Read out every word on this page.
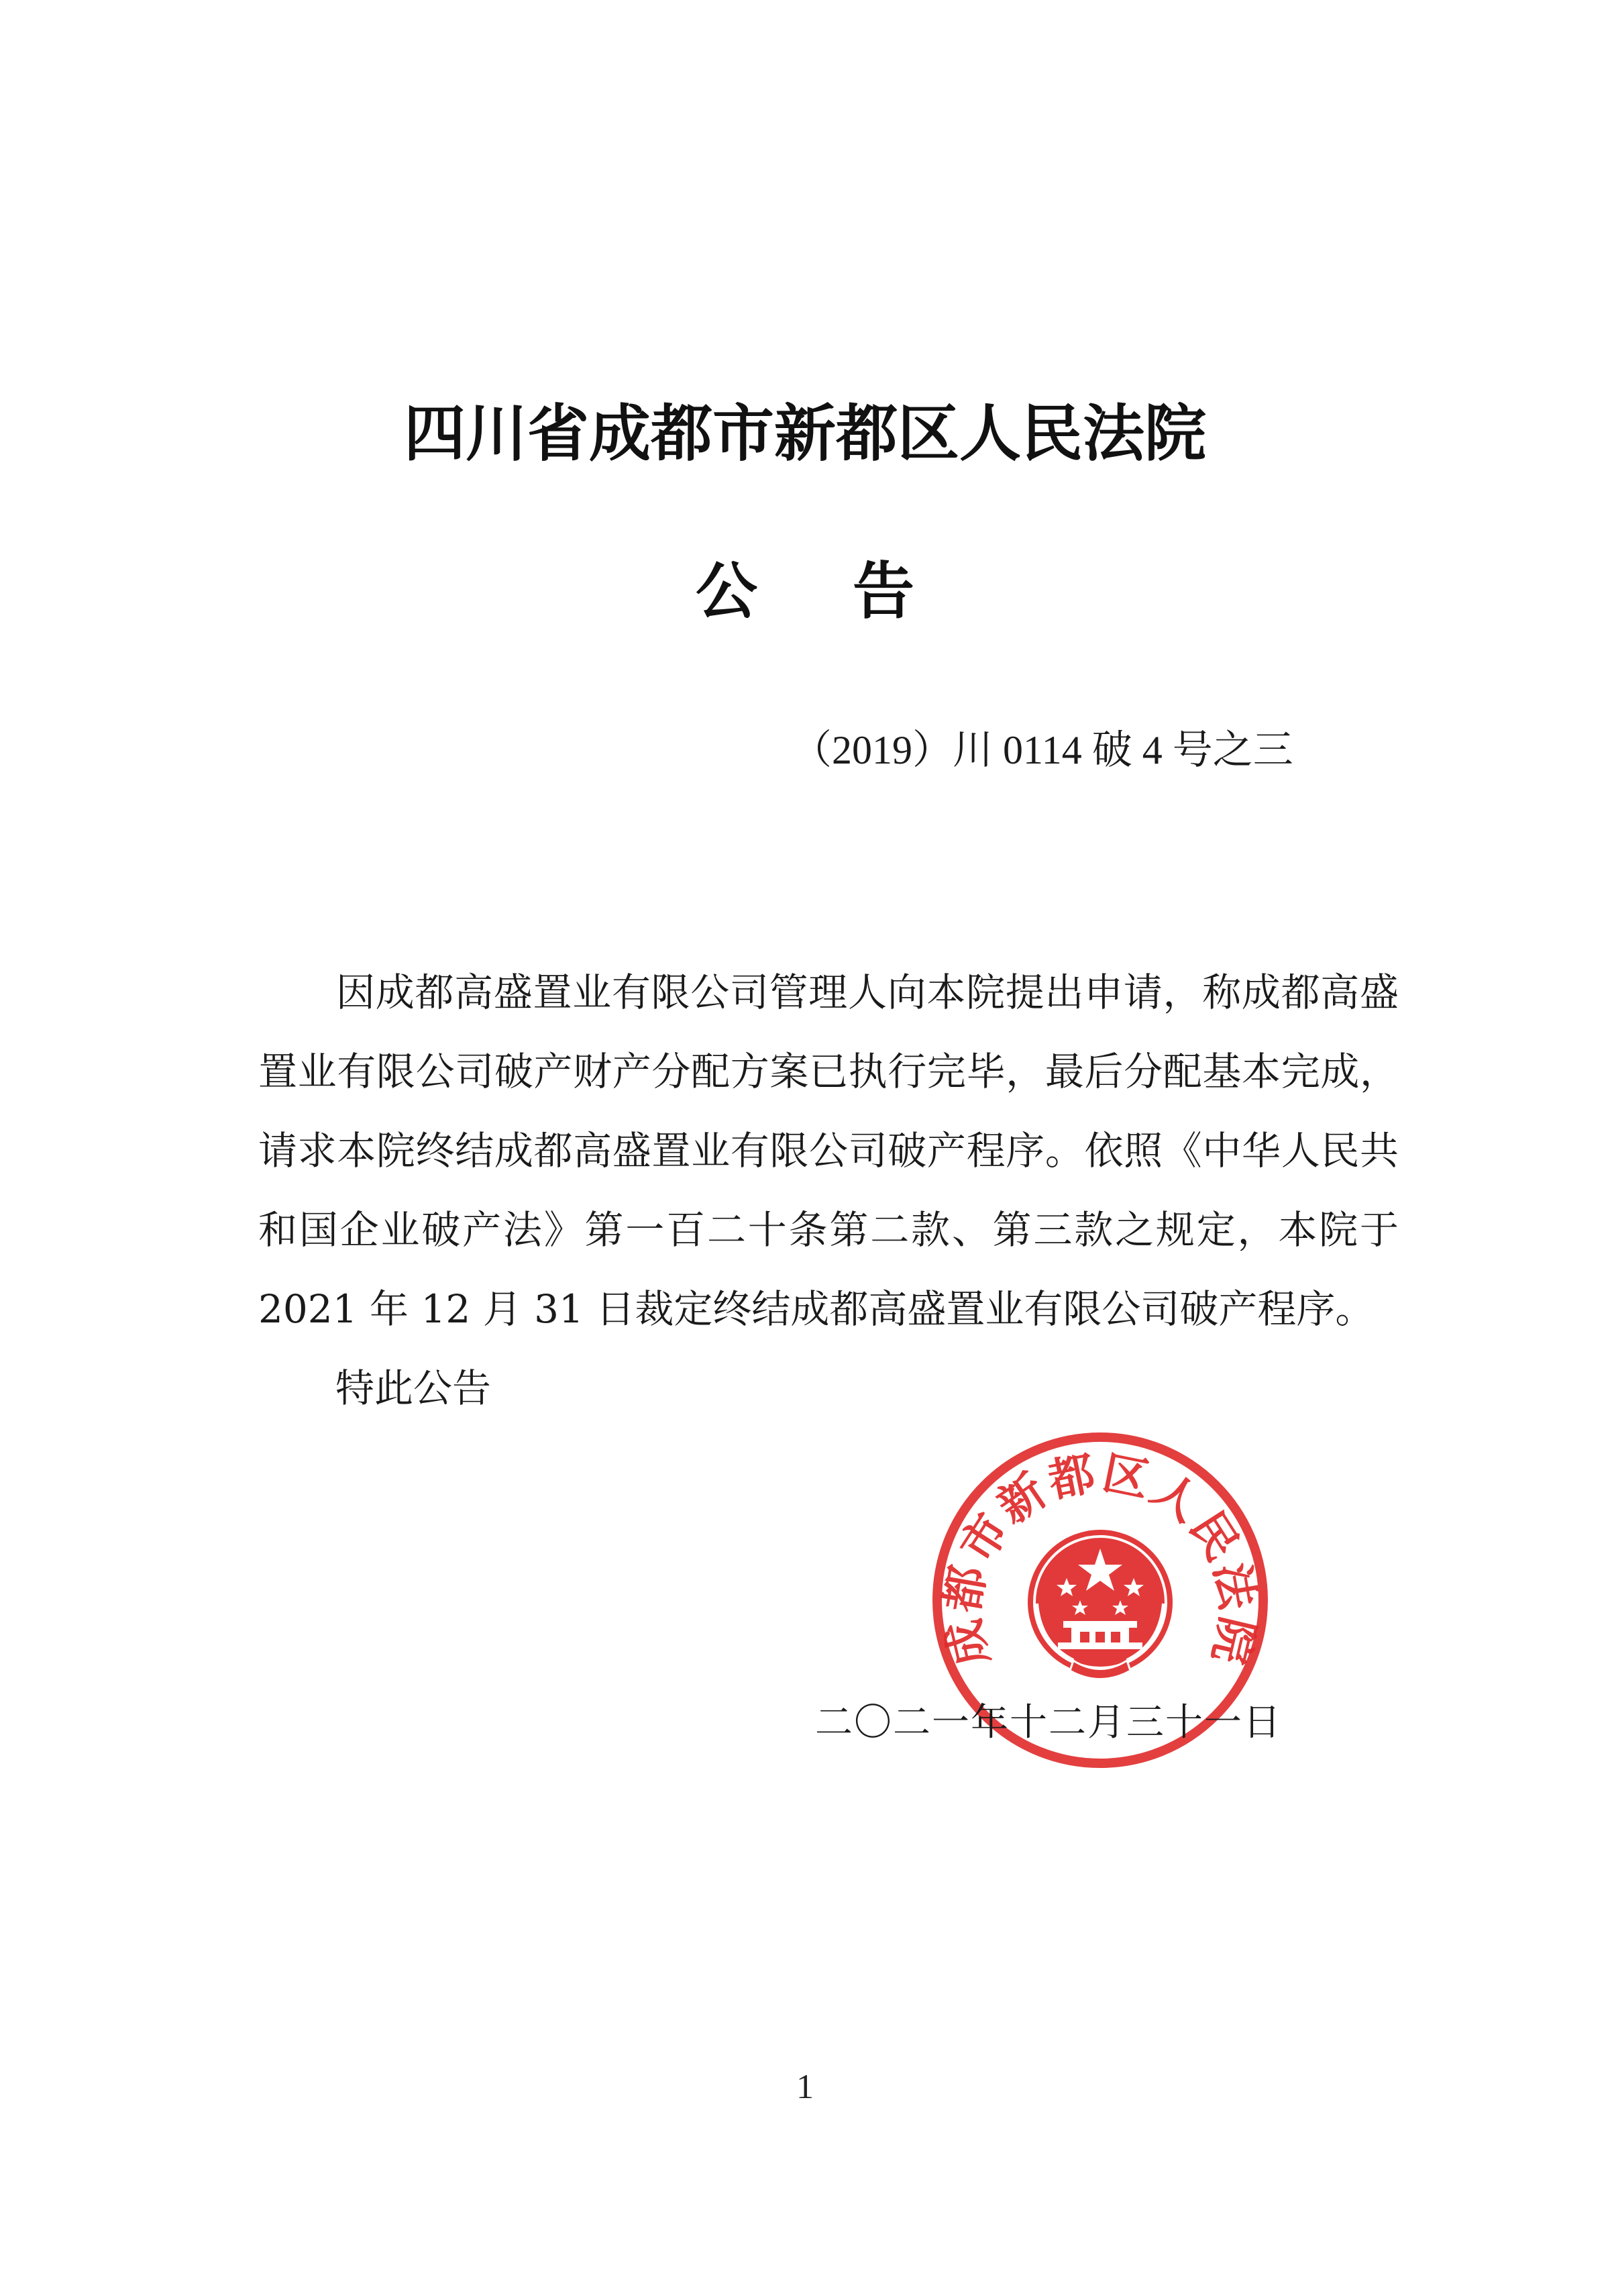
四川省成都市新都区人民法院
公 告
（2019）川 0114 破 4 号之三
因成都高盛置业有限公司管理人向本院提出申请，称成都高盛置业有限公司破产财产分配方案已执行完毕，最后分配基本完成，请求本院终结成都高盛置业有限公司破产程序。依照《中华人民共和国企业破产法》第一百二十条第二款、第三款之规定，本院于 2021 年 12 月 31 日裁定终结成都高盛置业有限公司破产程序。
特此公告
成都市新都区人民法院
二〇二一年十二月三十一日
1
